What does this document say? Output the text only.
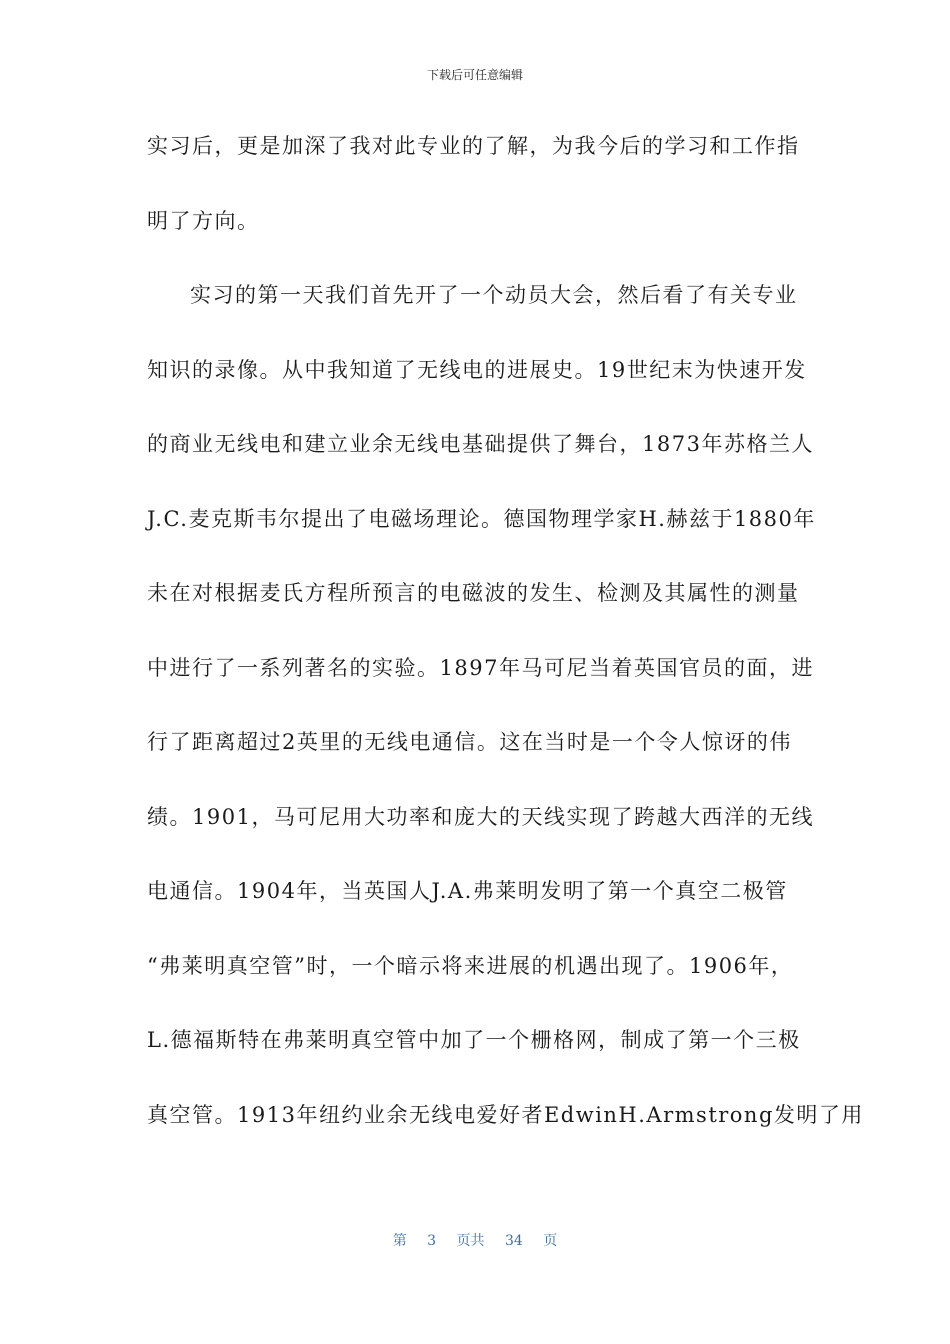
下载后可任意编辑
实习后，更是加深了我对此专业的了解，为我今后的学习和工作指
明了方向。
实习的第一天我们首先开了一个动员大会，然后看了有关专业
知识的录像。从中我知道了无线电的进展史。19世纪末为快速开发
的商业无线电和建立业余无线电基础提供了舞台，1873年苏格兰人
J.C.麦克斯韦尔提出了电磁场理论。德国物理学家H.赫兹于1880年
未在对根据麦氏方程所预言的电磁波的发生、检测及其属性的测量
中进行了一系列著名的实验。1897年马可尼当着英国官员的面，进
行了距离超过2英里的无线电通信。这在当时是一个令人惊讶的伟
绩。1901，马可尼用大功率和庞大的天线实现了跨越大西洋的无线
电通信。1904年，当英国人J.A.弗莱明发明了第一个真空二极管
“弗莱明真空管”时，一个暗示将来进展的机遇出现了。1906年，
L.德福斯特在弗莱明真空管中加了一个栅格网，制成了第一个三极
真空管。1913年纽约业余无线电爱好者EdwinH.Armstrong发明了用
第 3 页共 34 页
